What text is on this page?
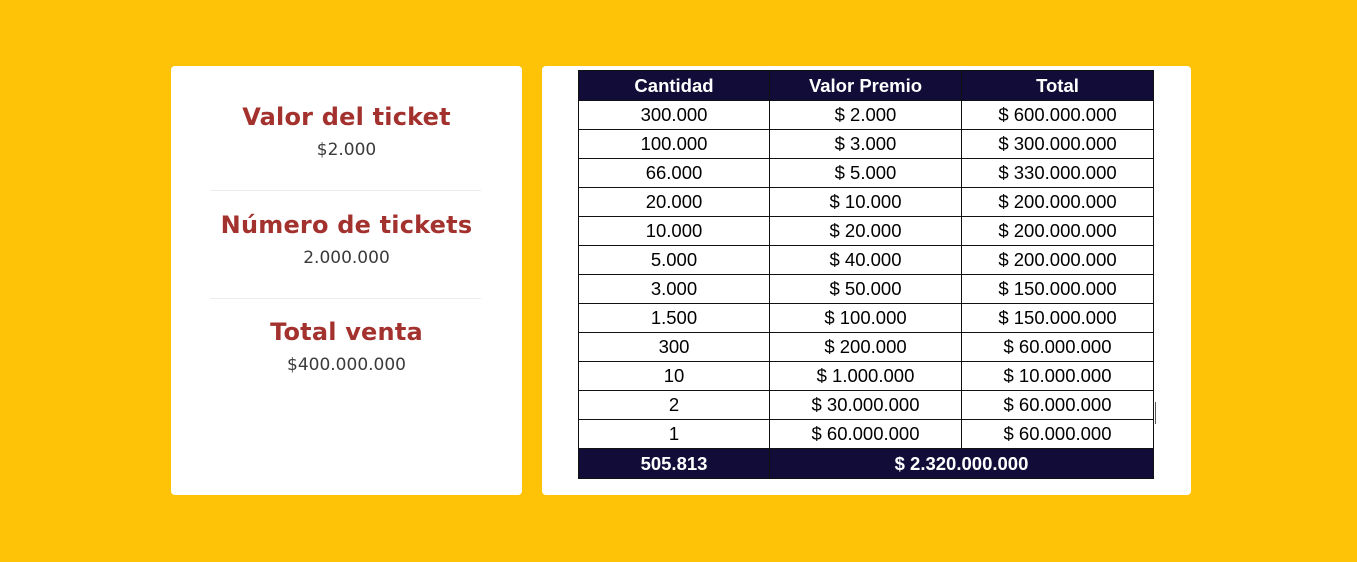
Valor del ticket
$2.000
Número de tickets
2.000.000
Total venta
$400.000.000
Cantidad	Valor Premio	Total
300.000	$ 2.000	$ 600.000.000
100.000	$ 3.000	$ 300.000.000
66.000	$ 5.000	$ 330.000.000
20.000	$ 10.000	$ 200.000.000
10.000	$ 20.000	$ 200.000.000
5.000	$ 40.000	$ 200.000.000
3.000	$ 50.000	$ 150.000.000
1.500	$ 100.000	$ 150.000.000
300	$ 200.000	$ 60.000.000
10	$ 1.000.000	$ 10.000.000
2	$ 30.000.000	$ 60.000.000
1	$ 60.000.000	$ 60.000.000
505.813	$ 2.320.000.000	
